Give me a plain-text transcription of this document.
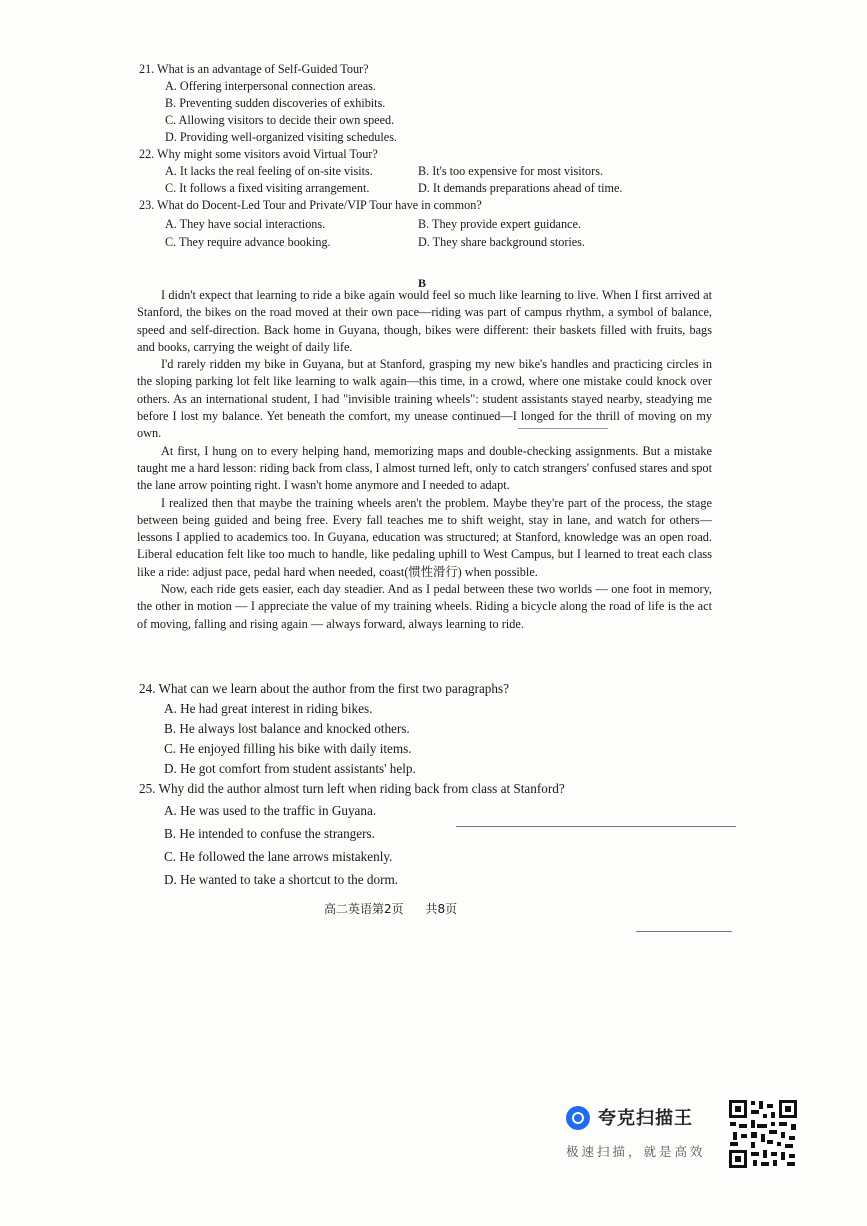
21. What is an advantage of Self-Guided Tour?
A. Offering interpersonal connection areas.
B. Preventing sudden discoveries of exhibits.
C. Allowing visitors to decide their own speed.
D. Providing well-organized visiting schedules.
22. Why might some visitors avoid Virtual Tour?
A. It lacks the real feeling of on-site visits.	B. It's too expensive for most visitors.
C. It follows a fixed visiting arrangement.	D. It demands preparations ahead of time.
23. What do Docent-Led Tour and Private/VIP Tour have in common?
A. They have social interactions.	B. They provide expert guidance.
C. They require advance booking.	D. They share background stories.
B

I didn't expect that learning to ride a bike again would feel so much like learning to live. When I first arrived at Stanford, the bikes on the road moved at their own pace—riding was part of campus rhythm, a symbol of balance, speed and self-direction. Back home in Guyana, though, bikes were different: their baskets filled with fruits, bags and books, carrying the weight of daily life.

I'd rarely ridden my bike in Guyana, but at Stanford, grasping my new bike's handles and practicing circles in the sloping parking lot felt like learning to walk again—this time, in a crowd, where one mistake could knock over others. As an international student, I had "invisible training wheels": student assistants stayed nearby, steadying me before I lost my balance. Yet beneath the comfort, my unease continued—I longed for the thrill of moving on my own.

At first, I hung on to every helping hand, memorizing maps and double-checking assignments. But a mistake taught me a hard lesson: riding back from class, I almost turned left, only to catch strangers' confused stares and spot the lane arrow pointing right. I wasn't home anymore and I needed to adapt.

I realized then that maybe the training wheels aren't the problem. Maybe they're part of the process, the stage between being guided and being free. Every fall teaches me to shift weight, stay in lane, and watch for others—lessons I applied to academics too. In Guyana, education was structured; at Stanford, knowledge was an open road. Liberal education felt like too much to handle, like pedaling uphill to West Campus, but I learned to treat each class like a ride: adjust pace, pedal hard when needed, coast(惯性滑行) when possible.

Now, each ride gets easier, each day steadier. And as I pedal between these two worlds — one foot in memory, the other in motion — I appreciate the value of my training wheels. Riding a bicycle along the road of life is the act of moving, falling and rising again — always forward, always learning to ride.

24. What can we learn about the author from the first two paragraphs?
A. He had great interest in riding bikes.
B. He always lost balance and knocked others.
C. He enjoyed filling his bike with daily items.
D. He got comfort from student assistants' help.
25. Why did the author almost turn left when riding back from class at Stanford?
A. He was used to the traffic in Guyana.
B. He intended to confuse the strangers.
C. He followed the lane arrows mistakenly.
D. He wanted to take a shortcut to the dorm.
高二英语第2页 共8页
夸克扫描王
极速扫描，就是高效
